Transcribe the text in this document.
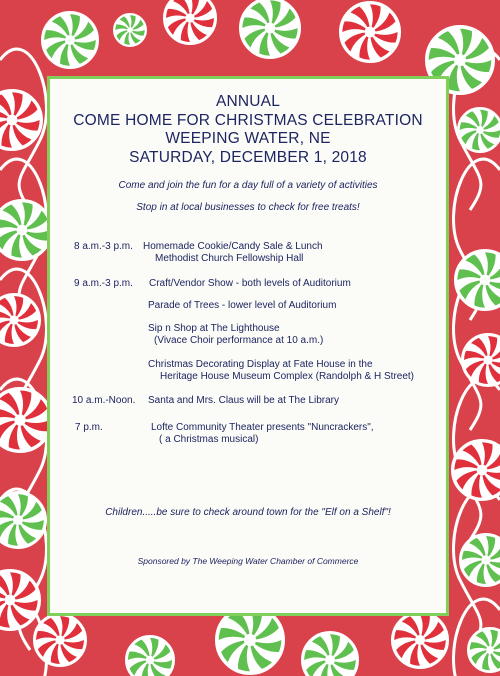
ANNUAL
COME HOME FOR CHRISTMAS CELEBRATION
WEEPING WATER, NE
SATURDAY, DECEMBER 1, 2018
Come and join the fun for a day full of a variety of activities
Stop in at local businesses to check for free treats!
8 a.m.-3 p.m. Homemade Cookie/Candy Sale & Lunch
Methodist Church Fellowship Hall
9 a.m.-3 p.m. Craft/Vendor Show - both levels of Auditorium
Parade of Trees - lower level of Auditorium
Sip n Shop at The Lighthouse
(Vivace Choir performance at 10 a.m.)
Christmas Decorating Display at Fate House in the
Heritage House Museum Complex (Randolph & H Street)
10 a.m.-Noon. Santa and Mrs. Claus will be at The Library
7 p.m.	Lofte Community Theater presents "Nuncrackers",
( a Christmas musical)
Children.....be sure to check around town for the "Elf on a Shelf"!
Sponsored by The Weeping Water Chamber of Commerce
